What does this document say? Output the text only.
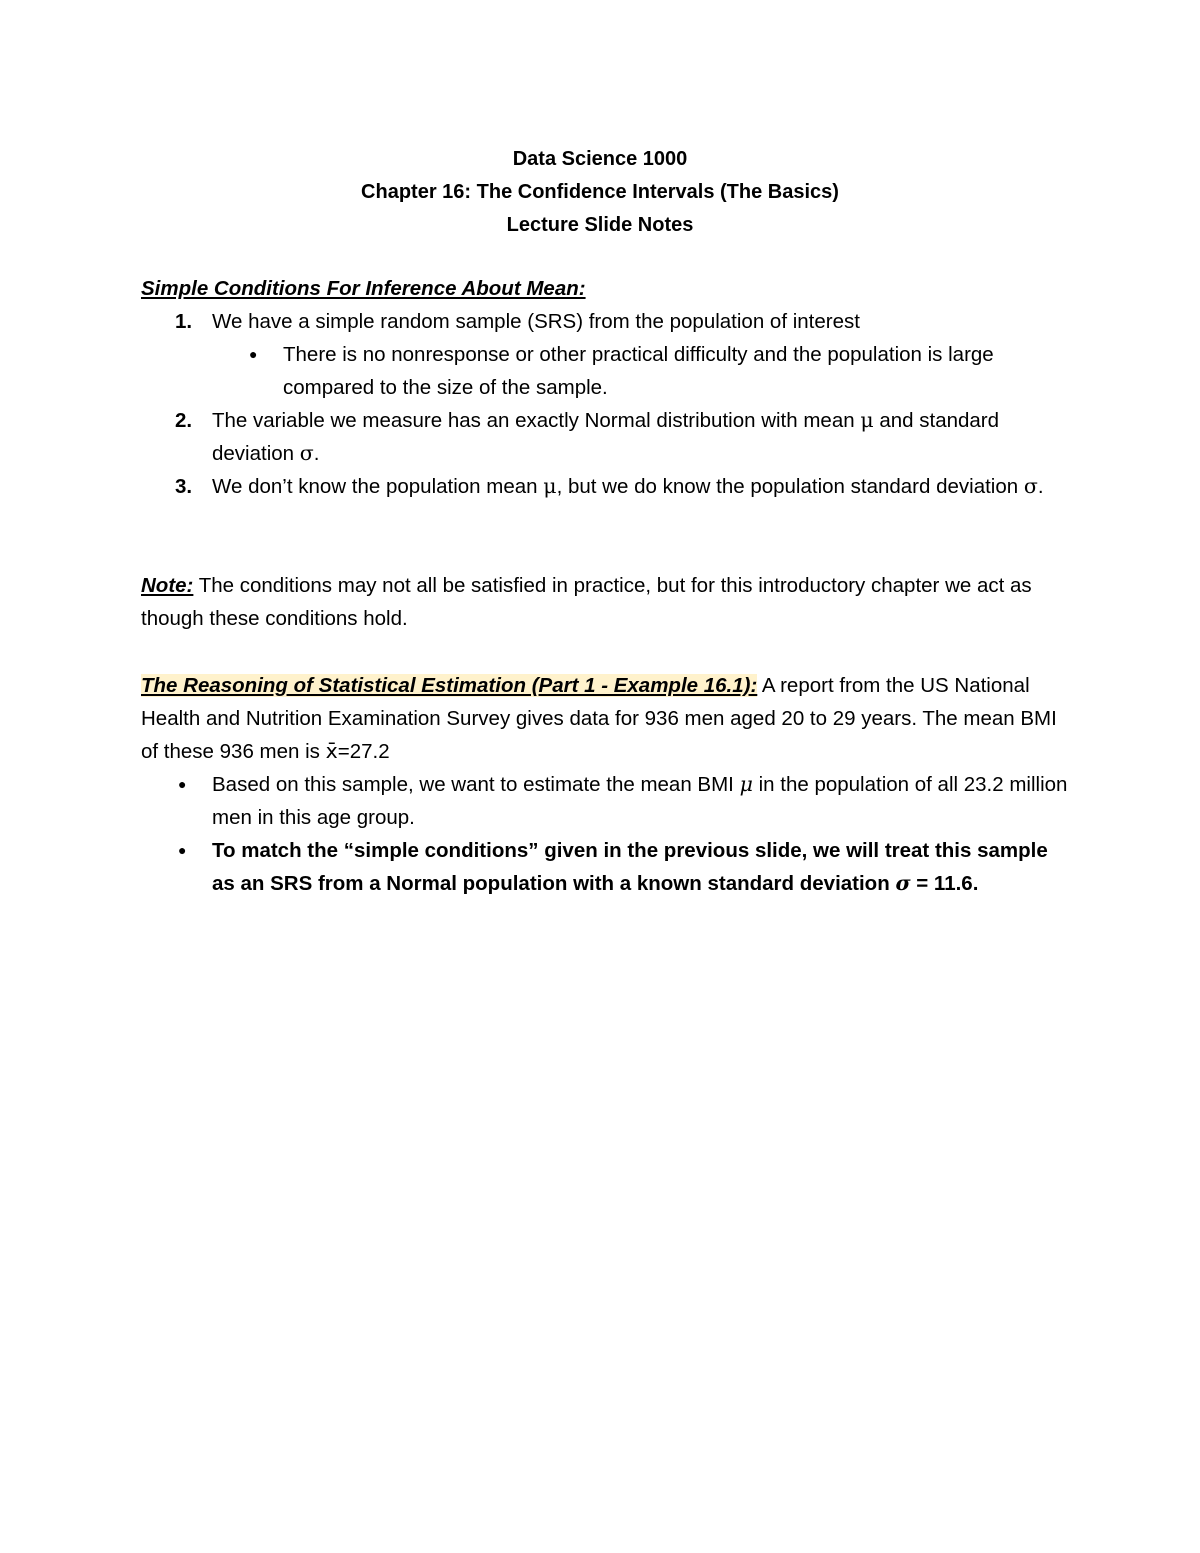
Data Science 1000
Chapter 16: The Confidence Intervals (The Basics)
Lecture Slide Notes
Simple Conditions For Inference About Mean:
1. We have a simple random sample (SRS) from the population of interest
● There is no nonresponse or other practical difficulty and the population is large compared to the size of the sample.
2. The variable we measure has an exactly Normal distribution with mean μ and standard deviation σ.
3. We don’t know the population mean μ, but we do know the population standard deviation σ.
Note: The conditions may not all be satisfied in practice, but for this introductory chapter we act as though these conditions hold.
The Reasoning of Statistical Estimation (Part 1 - Example 16.1): A report from the US National Health and Nutrition Examination Survey gives data for 936 men aged 20 to 29 years. The mean BMI of these 936 men is x̄=27.2
● Based on this sample, we want to estimate the mean BMI μ in the population of all 23.2 million men in this age group.
● To match the “simple conditions” given in the previous slide, we will treat this sample as an SRS from a Normal population with a known standard deviation σ = 11.6.
